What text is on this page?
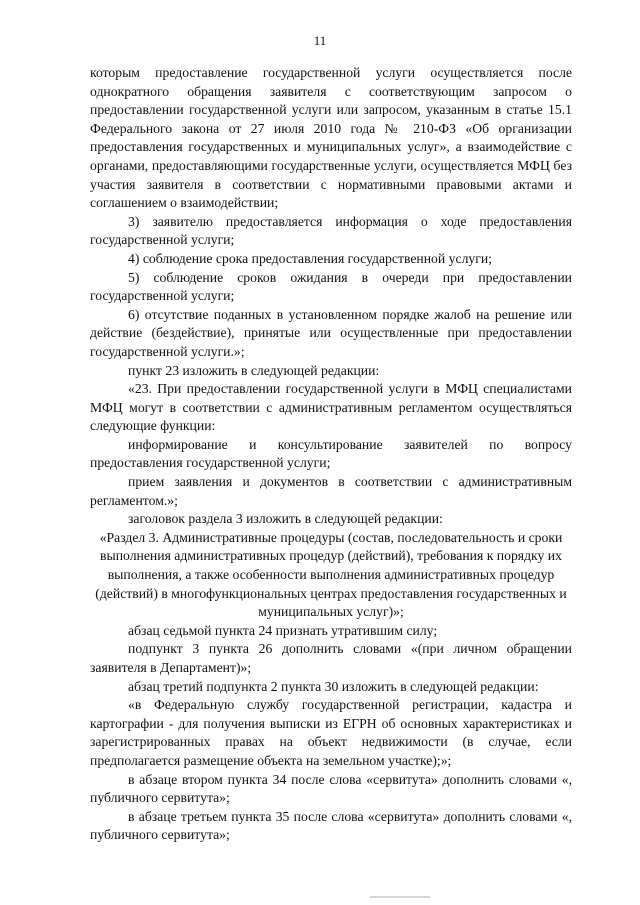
11

которым предоставление государственной услуги осуществляется после однократного обращения заявителя с соответствующим запросом о предоставлении государственной услуги или запросом, указанным в статье 15.1 Федерального закона от 27 июля 2010 года № 210-ФЗ «Об организации предоставления государственных и муниципальных услуг», а взаимодействие с органами, предоставляющими государственные услуги, осуществляется МФЦ без участия заявителя в соответствии с нормативными правовыми актами и соглашением о взаимодействии;

3) заявителю предоставляется информация о ходе предоставления государственной услуги;

4) соблюдение срока предоставления государственной услуги;

5) соблюдение сроков ожидания в очереди при предоставлении государственной услуги;

6) отсутствие поданных в установленном порядке жалоб на решение или действие (бездействие), принятые или осуществленные при предоставлении государственной услуги.»;

пункт 23 изложить в следующей редакции:

«23. При предоставлении государственной услуги в МФЦ специалистами МФЦ могут в соответствии с административным регламентом осуществляться следующие функции:

информирование и консультирование заявителей по вопросу предоставления государственной услуги;

прием заявления и документов в соответствии с административным регламентом.»;

заголовок раздела 3 изложить в следующей редакции:

«Раздел 3. Административные процедуры (состав, последовательность и сроки выполнения административных процедур (действий), требования к порядку их выполнения, а также особенности выполнения административных процедур (действий) в многофункциональных центрах предоставления государственных и муниципальных услуг)»;

абзац седьмой пункта 24 признать утратившим силу;

подпункт 3 пункта 26 дополнить словами «(при личном обращении заявителя в Департамент)»;

абзац третий подпункта 2 пункта 30 изложить в следующей редакции:

«в Федеральную службу государственной регистрации, кадастра и картографии - для получения выписки из ЕГРН об основных характеристиках и зарегистрированных правах на объект недвижимости (в случае, если предполагается размещение объекта на земельном участке);»;

в абзаце втором пункта 34 после слова «сервитута» дополнить словами «, публичного сервитута»;

в абзаце третьем пункта 35 после слова «сервитута» дополнить словами «, публичного сервитута»;
